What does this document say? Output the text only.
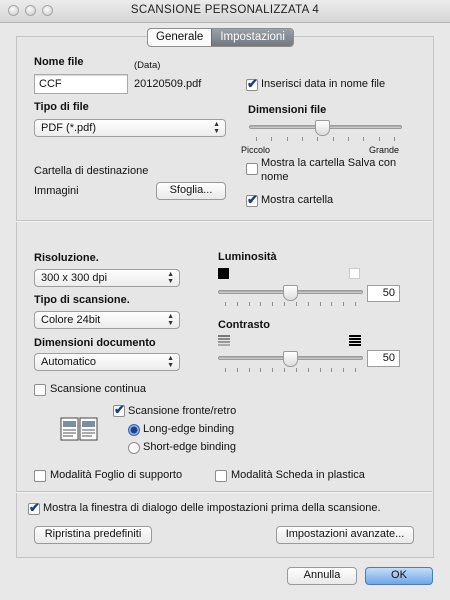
SCANSIONE PERSONALIZZATA 4
Generale	Impostazioni
Nome file	(Data)
CCF	20120509.pdf
✔	Inserisci data in nome file
Tipo di file
PDF (*.pdf)	▲
▼
Dimensioni file
Piccolo	Grande
Cartella di destinazione
Immagini	Sfoglia...
Mostra la cartella Salva con
nome
✔
Mostra cartella
Risoluzione.
300 x 300 dpi	▲
▼
Tipo di scansione.
Colore 24bit	▲
▼
Dimensioni documento
Automatico	▲
▼
Luminosità
50
Contrasto
50
Scansione continua
✔
Scansione fronte/retro
Long-edge binding
Short-edge binding
Modalità Foglio di supporto	Modalità Scheda in plastica
✔
Mostra la finestra di dialogo delle impostazioni prima della scansione.
Ripristina predefiniti	Impostazioni avanzate...
Annulla	OK
